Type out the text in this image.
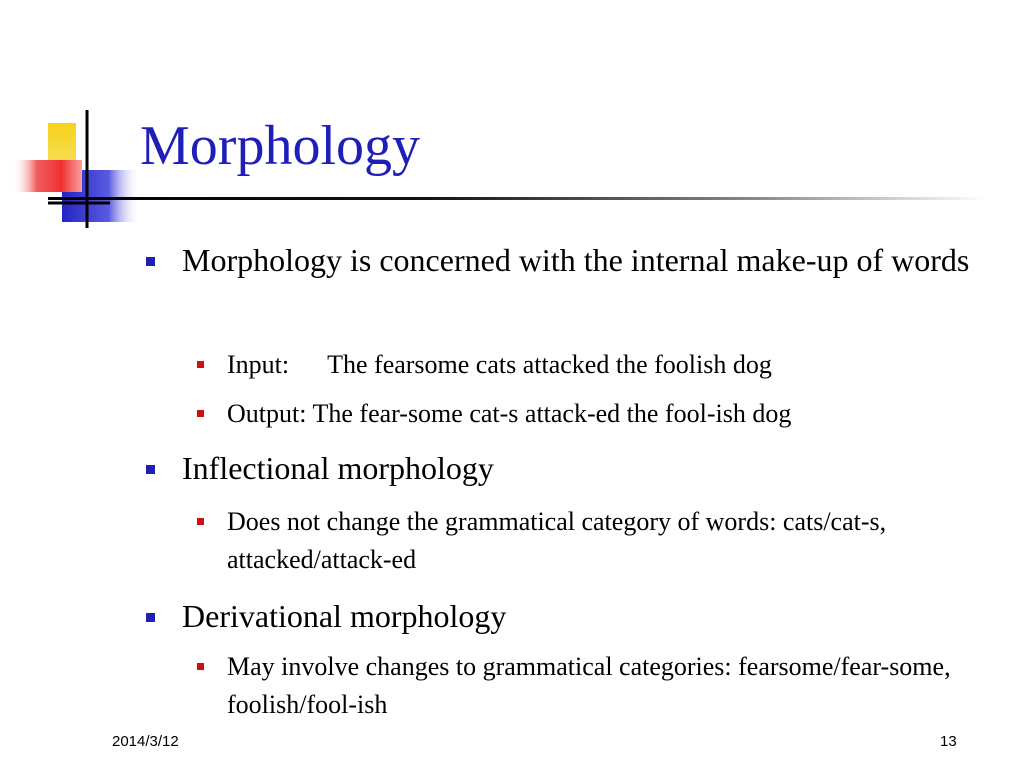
Morphology
Morphology is concerned with the internal make-up of words
Input: The fearsome cats attacked the foolish dog
Output: The fear-some cat-s attack-ed the fool-ish dog
Inflectional morphology
Does not change the grammatical category of words: cats/cat-s, attacked/attack-ed
Derivational morphology
May involve changes to grammatical categories: fearsome/fear-some, foolish/fool-ish
2014/3/12	13
